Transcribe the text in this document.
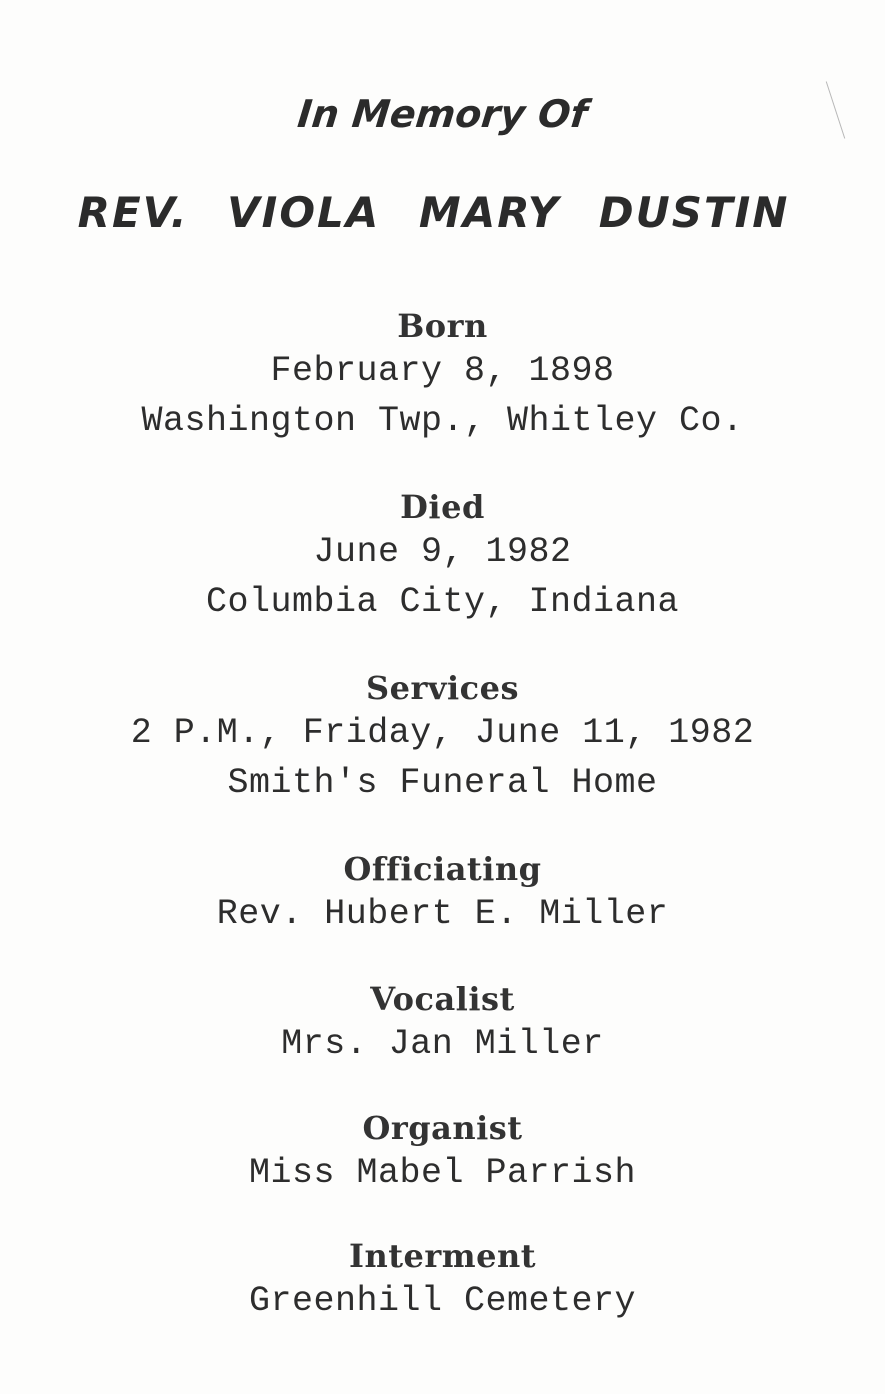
In Memory Of
REV. VIOLA MARY DUSTIN
Born
February 8, 1898
Washington Twp., Whitley Co.
Died
June 9, 1982
Columbia City, Indiana
Services
2 P.M., Friday, June 11, 1982
Smith's Funeral Home
Officiating
Rev. Hubert E. Miller
Vocalist
Mrs. Jan Miller
Organist
Miss Mabel Parrish
Interment
Greenhill Cemetery
